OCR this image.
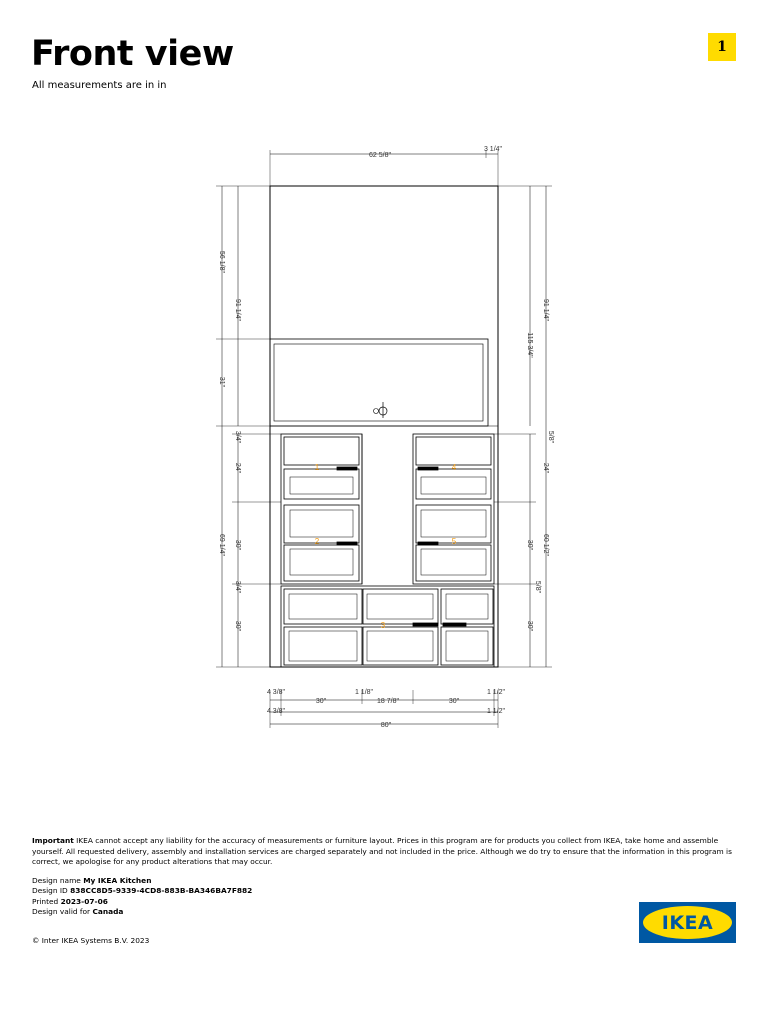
Front view
All measurements are in in
1
62 5/8"
3 1/4"
56 1/8"
91 1/4"
31"
3/4"
24"
30"
69 1/4"
3/4"
30"
91 1/4"
115 3/4"
5/8"
24"
30" 60 1/2"
5/8"
30"
4 3/8"
30"
1 1/8"
18 7/8"	30"
1 1/2"
4 3/8"	1 1/2"
80"
1
2
3
4
5
Important IKEA cannot accept any liability for the accuracy of measurements or furniture layout. Prices in this program are for products you collect from IKEA, take home and assemble yourself. All requested delivery, assembly and installation services are charged separately and not included in the price. Although we do try to ensure that the information in this program is correct, we apologise for any product alterations that may occur.
Design name My IKEA Kitchen
Design ID 838CC8D5-9339-4CD8-883B-BA346BA7F882
Printed 2023-07-06
Design valid for Canada
© Inter IKEA Systems B.V. 2023
IKEA
